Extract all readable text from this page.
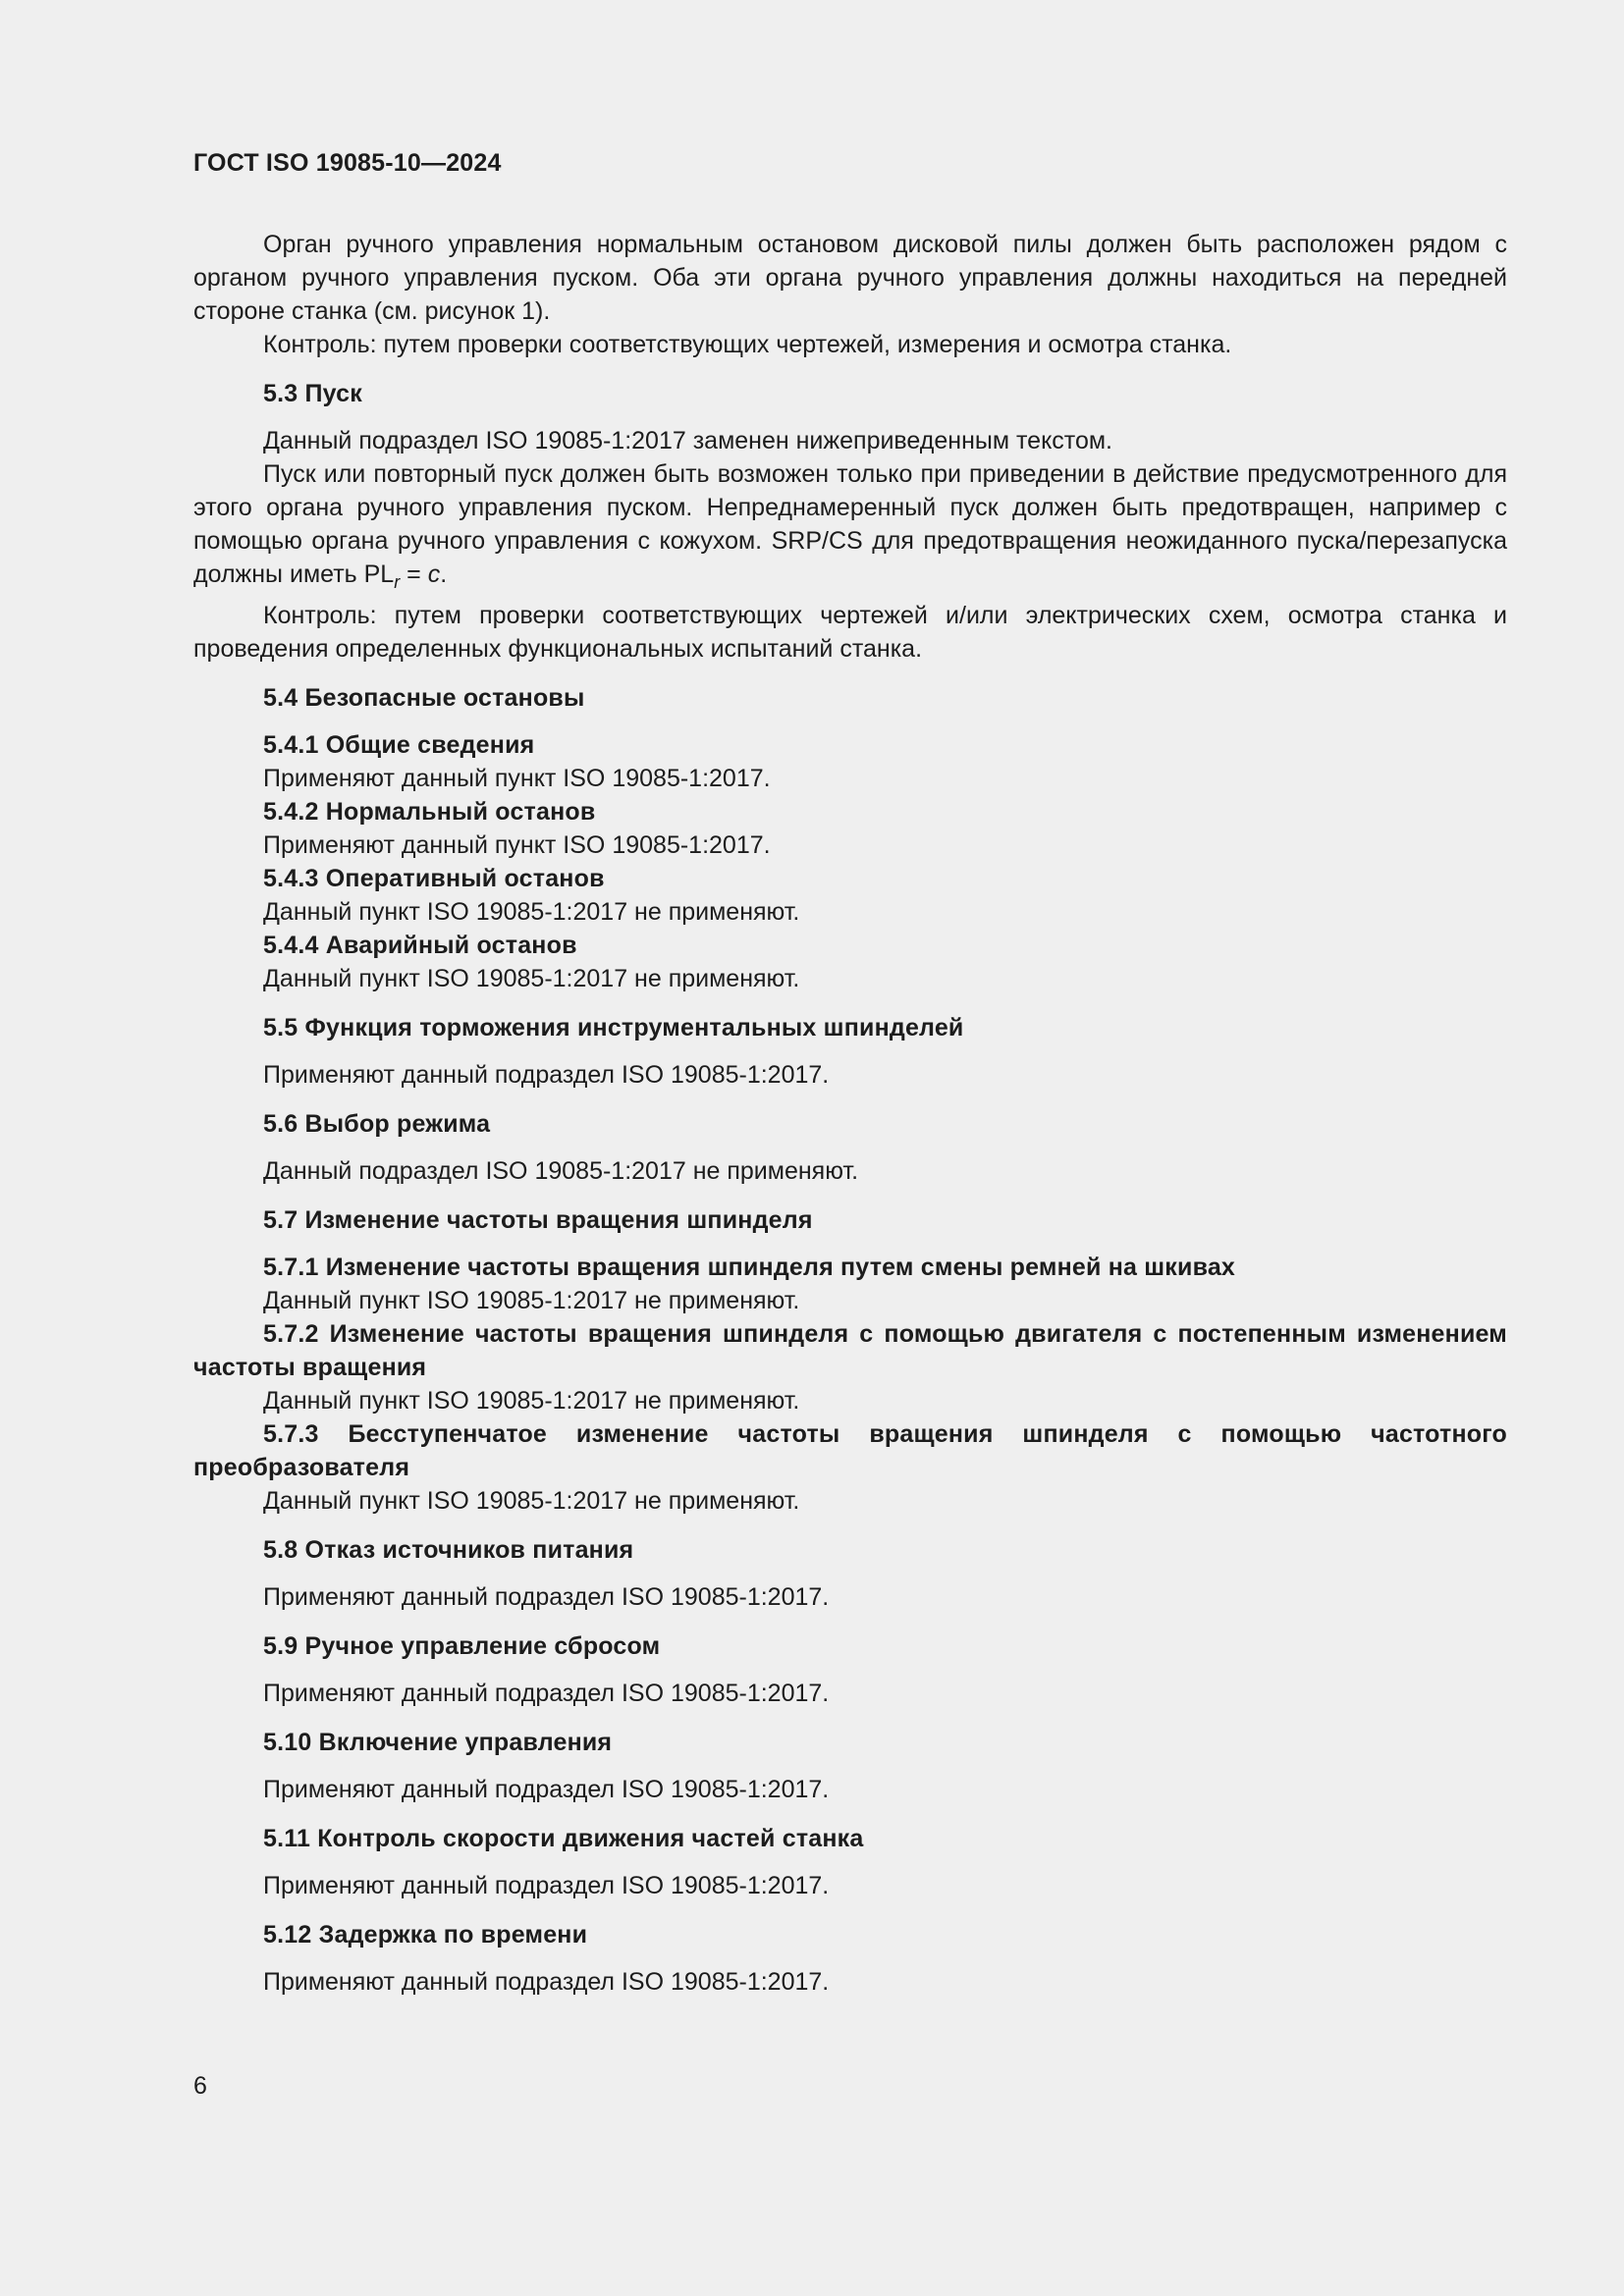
ГОСТ ISO 19085-10—2024

Орган ручного управления нормальным остановом дисковой пилы должен быть расположен рядом с органом ручного управления пуском. Оба эти органа ручного управления должны находиться на передней стороне станка (см. рисунок 1).

Контроль: путем проверки соответствующих чертежей, измерения и осмотра станка.

5.3 Пуск

Данный подраздел ISO 19085-1:2017 заменен нижеприведенным текстом.

Пуск или повторный пуск должен быть возможен только при приведении в действие предусмотренного для этого органа ручного управления пуском. Непреднамеренный пуск должен быть предотвращен, например с помощью органа ручного управления с кожухом. SRP/CS для предотвращения неожиданного пуска/перезапуска должны иметь $PL_r = c$.

Контроль: путем проверки соответствующих чертежей и/или электрических схем, осмотра станка и проведения определенных функциональных испытаний станка.

5.4 Безопасные остановы

5.4.1 Общие сведения

Применяют данный пункт ISO 19085-1:2017.

5.4.2 Нормальный останов

Применяют данный пункт ISO 19085-1:2017.

5.4.3 Оперативный останов

Данный пункт ISO 19085-1:2017 не применяют.

5.4.4 Аварийный останов

Данный пункт ISO 19085-1:2017 не применяют.

5.5 Функция торможения инструментальных шпинделей

Применяют данный подраздел ISO 19085-1:2017.

5.6 Выбор режима

Данный подраздел ISO 19085-1:2017 не применяют.

5.7 Изменение частоты вращения шпинделя

5.7.1 Изменение частоты вращения шпинделя путем смены ремней на шкивах

Данный пункт ISO 19085-1:2017 не применяют.

5.7.2 Изменение частоты вращения шпинделя с помощью двигателя с постепенным изменением частоты вращения

Данный пункт ISO 19085-1:2017 не применяют.

5.7.3 Бесступенчатое изменение частоты вращения шпинделя с помощью частотного преобразователя

Данный пункт ISO 19085-1:2017 не применяют.

5.8 Отказ источников питания

Применяют данный подраздел ISO 19085-1:2017.

5.9 Ручное управление сбросом

Применяют данный подраздел ISO 19085-1:2017.

5.10 Включение управления

Применяют данный подраздел ISO 19085-1:2017.

5.11 Контроль скорости движения частей станка

Применяют данный подраздел ISO 19085-1:2017.

5.12 Задержка по времени

Применяют данный подраздел ISO 19085-1:2017.

6
